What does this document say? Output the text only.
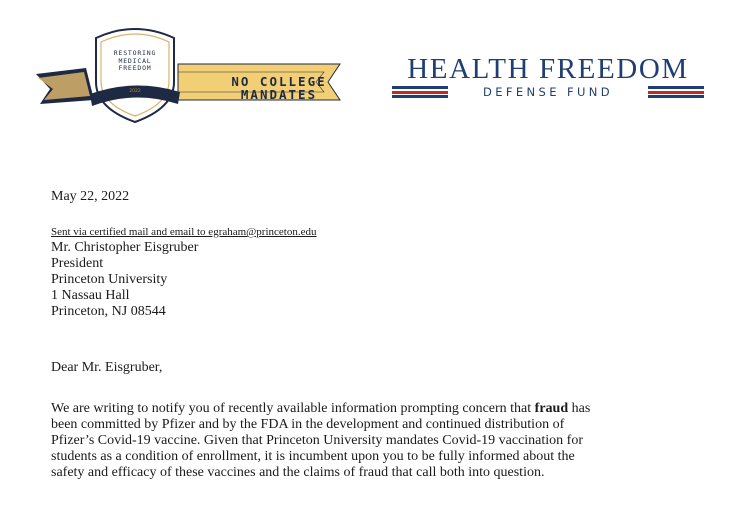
RESTORING
MEDICAL
FREEDOM
2022
NO COLLEGE
MANDATES
HEALTH FREEDOM
DEFENSE FUND
May 22, 2022
Sent via certified mail and email to egraham@princeton.edu
Mr. Christopher Eisgruber
President
Princeton University
1 Nassau Hall
Princeton, NJ 08544
Dear Mr. Eisgruber,
We are writing to notify you of recently available information prompting concern that fraud has
been committed by Pfizer and by the FDA in the development and continued distribution of
Pfizer’s Covid-19 vaccine. Given that Princeton University mandates Covid-19 vaccination for
students as a condition of enrollment, it is incumbent upon you to be fully informed about the
safety and efficacy of these vaccines and the claims of fraud that call both into question.
